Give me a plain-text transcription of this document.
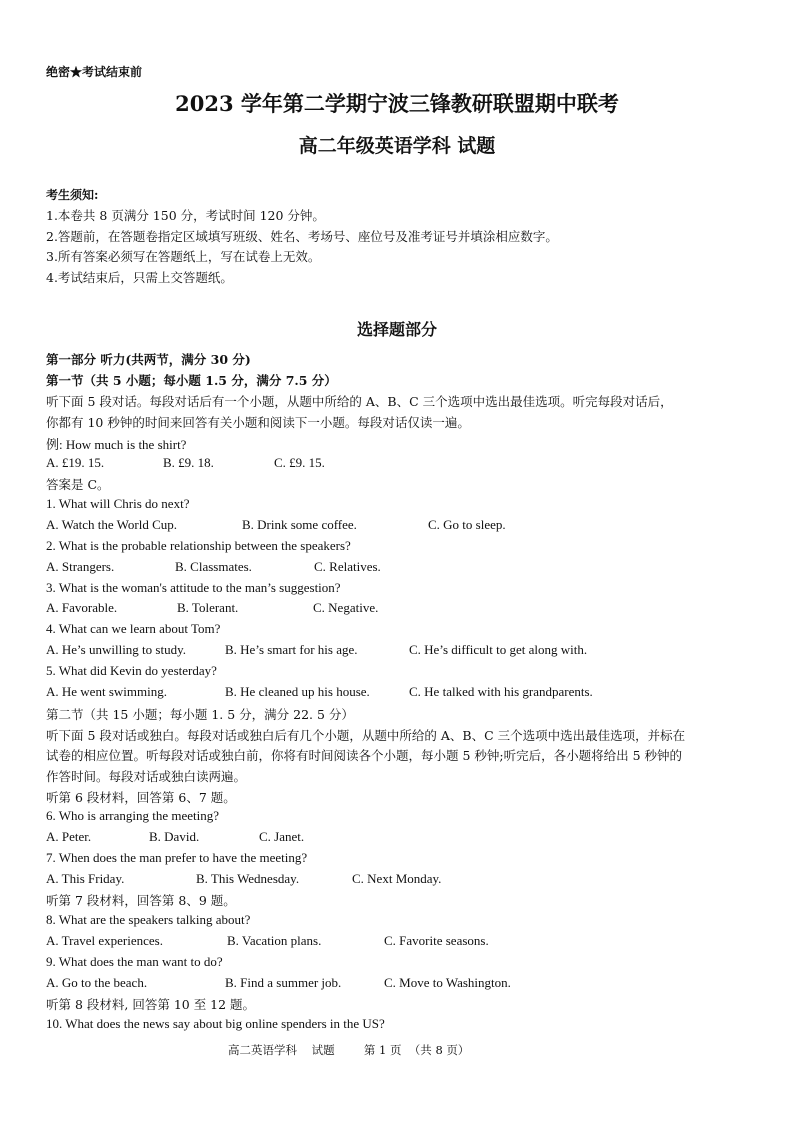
绝密★考试结束前
2023 学年第二学期宁波三锋教研联盟期中联考
高二年级英语学科 试题
考生须知:
1.本卷共 8 页满分 150 分，考试时间 120 分钟。
2.答题前，在答题卷指定区域填写班级、姓名、考场号、座位号及准考证号并填涂相应数字。
3.所有答案必须写在答题纸上，写在试卷上无效。
4.考试结束后，只需上交答题纸。
选择题部分
第一部分 听力(共两节，满分 30 分)
第一节（共 5 小题；每小题 1.5 分，满分 7.5 分）
听下面 5 段对话。每段对话后有一个小题，从题中所给的 A、B、C 三个选项中选出最佳选项。听完每段对话后，
你都有 10 秒钟的时间来回答有关小题和阅读下一小题。每段对话仅读一遍。
例: How much is the shirt?
A. £19. 15.	B. £9. 18.	C. £9. 15.
答案是 C。
1. What will Chris do next?
A. Watch the World Cup.	B. Drink some coffee.	C. Go to sleep.
2. What is the probable relationship between the speakers?
A. Strangers.	B. Classmates.	C. Relatives.
3. What is the woman's attitude to the man’s suggestion?
A. Favorable.	B. Tolerant.	C. Negative.
4. What can we learn about Tom?
A. He’s unwilling to study.	B. He’s smart for his age.	C. He’s difficult to get along with.
5. What did Kevin do yesterday?
A. He went swimming.	B. He cleaned up his house.	C. He talked with his grandparents.
第二节（共 15 小题；每小题 1. 5 分，满分 22. 5 分）
听下面 5 段对话或独白。每段对话或独白后有几个小题，从题中所给的 A、B、C 三个选项中选出最佳选项，并标在
试卷的相应位置。听每段对话或独白前，你将有时间阅读各个小题，每小题 5 秒钟;听完后，各小题将给出 5 秒钟的
作答时间。每段对话或独白读两遍。
听第 6 段材料，回答第 6、7 题。
6. Who is arranging the meeting?
A. Peter.	B. David.	C. Janet.
7. When does the man prefer to have the meeting?
A. This Friday.	B. This Wednesday.	C. Next Monday.
听第 7 段材料，回答第 8、9 题。
8. What are the speakers talking about?
A. Travel experiences.	B. Vacation plans.	C. Favorite seasons.
9. What does the man want to do?
A. Go to the beach.	B. Find a summer job.	C. Move to Washington.
听第 8 段材料, 回答第 10 至 12 题。
10. What does the news say about big online spenders in the US?
高二英语学科    试题        第 1 页  （共 8 页）
